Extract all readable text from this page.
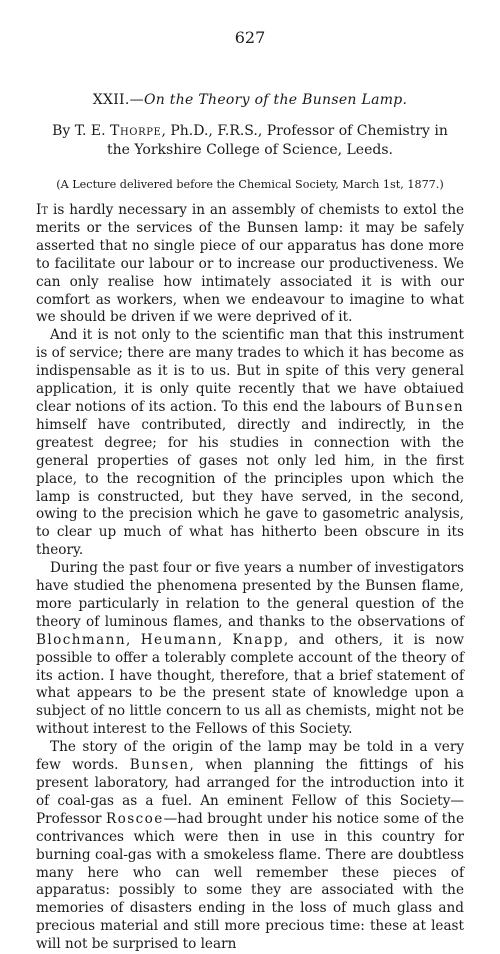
627
XXII.—On the Theory of the Bunsen Lamp.
By T. E. Thorpe, Ph.D., F.R.S., Professor of Chemistry in the Yorkshire College of Science, Leeds.
(A Lecture delivered before the Chemical Society, March 1st, 1877.)

It is hardly necessary in an assembly of chemists to extol the merits or the services of the Bunsen lamp: it may be safely asserted that no single piece of our apparatus has done more to facilitate our labour or to increase our productiveness. We can only realise how intimately associated it is with our comfort as workers, when we endeavour to imagine to what we should be driven if we were deprived of it.

And it is not only to the scientific man that this instrument is of service; there are many trades to which it has become as indispensable as it is to us. But in spite of this very general application, it is only quite recently that we have obtaiued clear notions of its action. To this end the labours of Bunsen himself have contributed, directly and indirectly, in the greatest degree; for his studies in connection with the general properties of gases not only led him, in the first place, to the recognition of the principles upon which the lamp is constructed, but they have served, in the second, owing to the precision which he gave to gasometric analysis, to clear up much of what has hitherto been obscure in its theory.

During the past four or five years a number of investigators have studied the phenomena presented by the Bunsen flame, more particularly in relation to the general question of the theory of luminous flames, and thanks to the observations of Blochmann, Heumann, Knapp, and others, it is now possible to offer a tolerably complete account of the theory of its action. I have thought, therefore, that a brief statement of what appears to be the present state of knowledge upon a subject of no little concern to us all as chemists, might not be without interest to the Fellows of this Society.

The story of the origin of the lamp may be told in a very few words. Bunsen, when planning the fittings of his present laboratory, had arranged for the introduction into it of coal-gas as a fuel. An eminent Fellow of this Society—Professor Roscoe—had brought under his notice some of the contrivances which were then in use in this country for burning coal-gas with a smokeless flame. There are doubtless many here who can well remember these pieces of apparatus: possibly to some they are associated with the memories of disasters ending in the loss of much glass and precious material and still more precious time: these at least will not be surprised to learn
